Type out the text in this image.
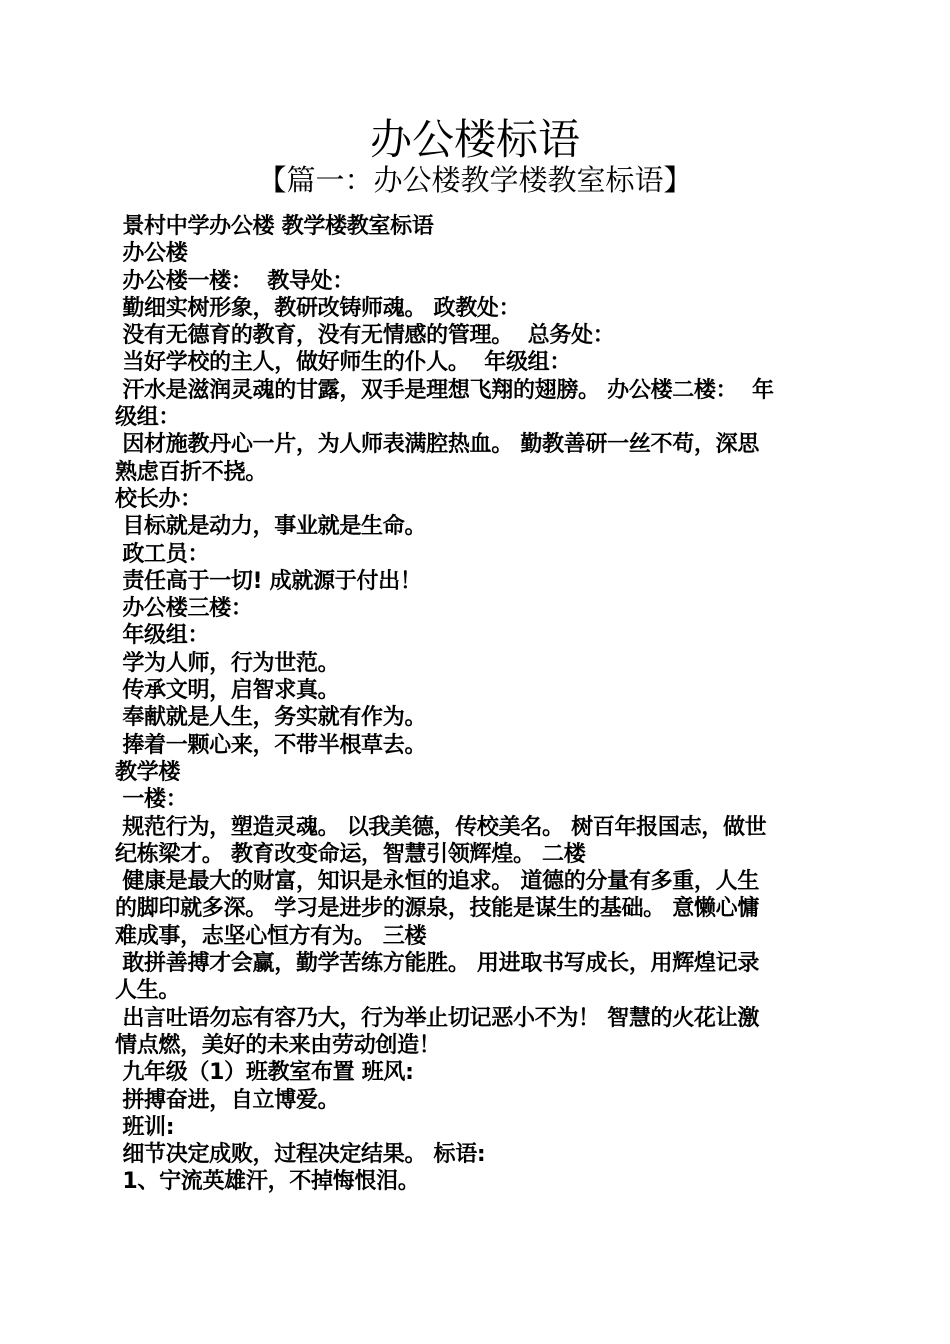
办公楼标语
【篇一：办公楼教学楼教室标语】
景村中学办公楼 教学楼教室标语
办公楼
办公楼一楼：  教导处：
勤细实树形象，教研改铸师魂。 政教处：
没有无德育的教育，没有无情感的管理。  总务处：
当好学校的主人，做好师生的仆人。  年级组：
汗水是滋润灵魂的甘露，双手是理想飞翔的翅膀。 办公楼二楼：  年
级组：
因材施教丹心一片，为人师表满腔热血。 勤教善研一丝不苟，深思
熟虑百折不挠。
校长办：
目标就是动力，事业就是生命。
政工员：
责任高于一切! 成就源于付出！
办公楼三楼：
年级组：
学为人师，行为世范。
传承文明，启智求真。
奉献就是人生，务实就有作为。
捧着一颗心来，不带半根草去。
教学楼
一楼：
规范行为，塑造灵魂。 以我美德，传校美名。 树百年报国志，做世
纪栋梁才。 教育改变命运，智慧引领辉煌。 二楼
健康是最大的财富，知识是永恒的追求。 道德的分量有多重，人生
的脚印就多深。 学习是进步的源泉，技能是谋生的基础。 意懒心慵
难成事，志坚心恒方有为。 三楼
敢拼善搏才会赢，勤学苦练方能胜。 用进取书写成长，用辉煌记录
人生。
出言吐语勿忘有容乃大，行为举止切记恶小不为！ 智慧的火花让激
情点燃，美好的未来由劳动创造！
九年级（1）班教室布置 班风:
拼搏奋进，自立博爱。
班训:
细节决定成败，过程决定结果。 标语:
1、宁流英雄汗，不掉悔恨泪。
